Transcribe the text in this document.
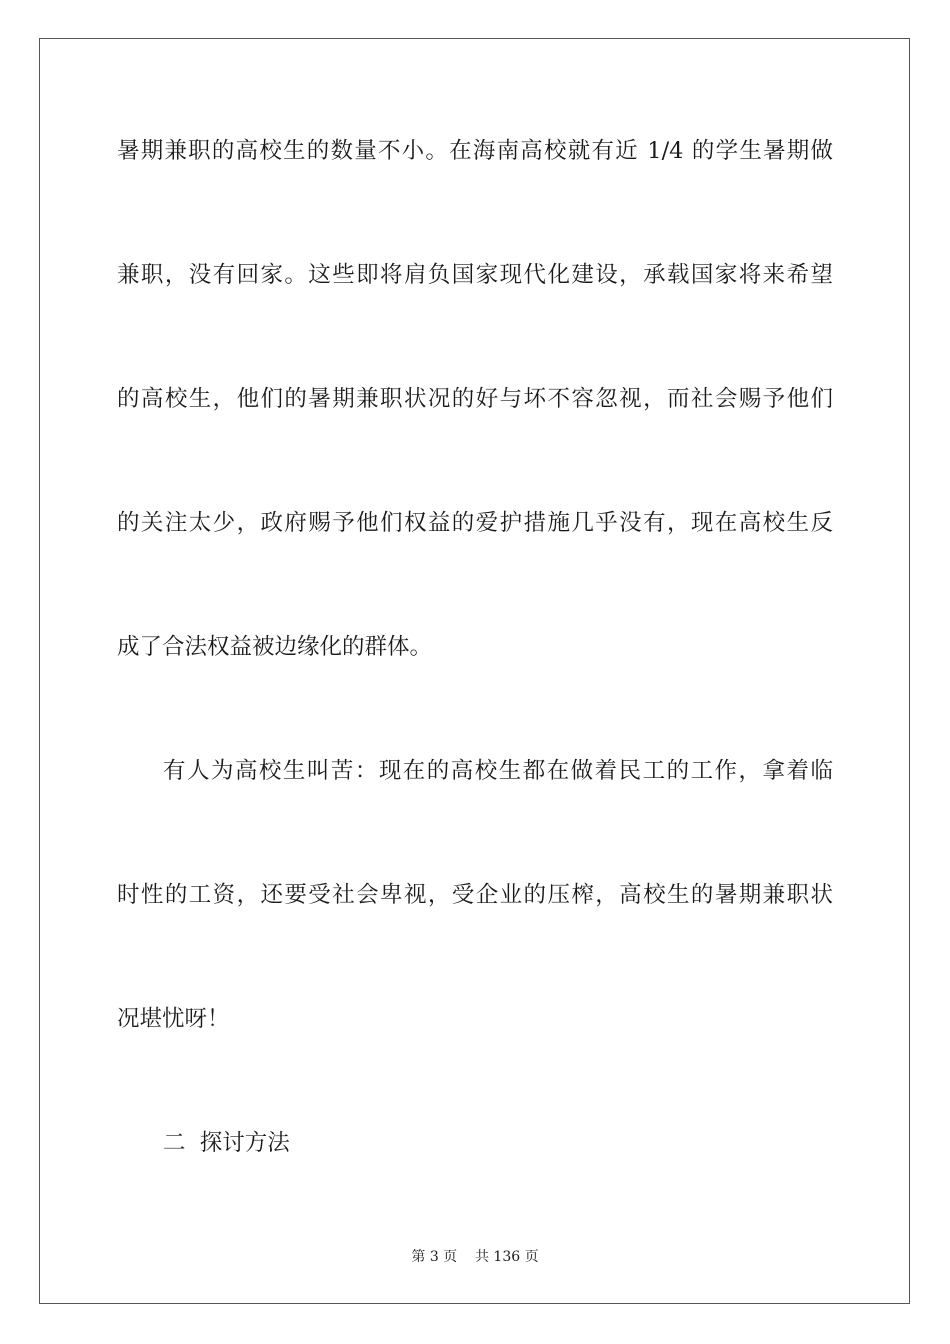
暑期兼职的高校生的数量不小。在海南高校就有近 1/4 的学生暑期做
兼职，没有回家。这些即将肩负国家现代化建设，承载国家将来希望
的高校生，他们的暑期兼职状况的好与坏不容忽视，而社会赐予他们
的关注太少，政府赐予他们权益的爱护措施几乎没有，现在高校生反
成了合法权益被边缘化的群体。
有人为高校生叫苦：现在的高校生都在做着民工的工作，拿着临
时性的工资，还要受社会卑视，受企业的压榨，高校生的暑期兼职状
况堪忧呀！
二  探讨方法
第 3 页    共 136 页
